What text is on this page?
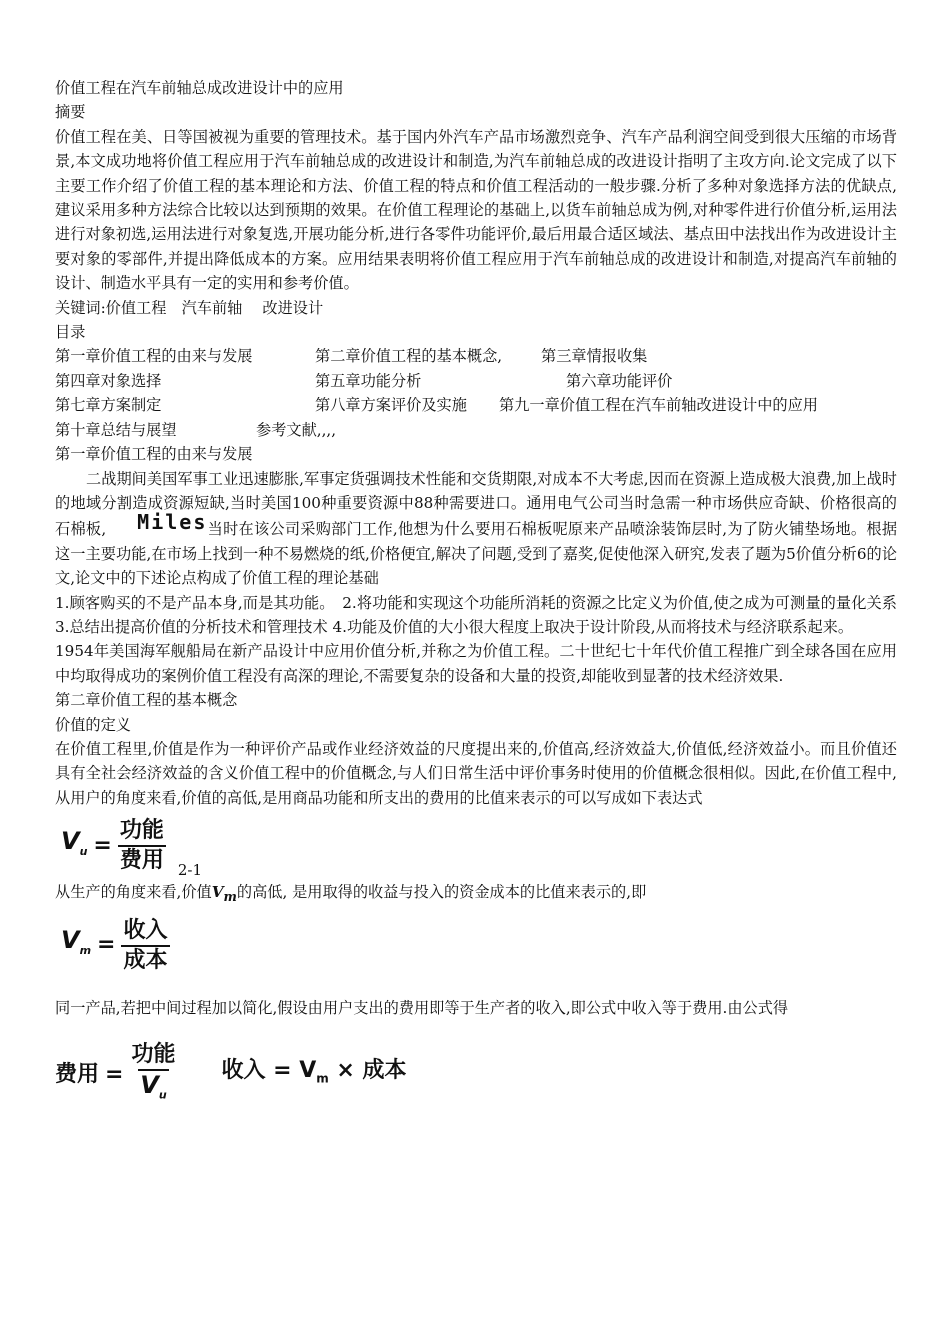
价值工程在汽车前轴总成改进设计中的应用

摘要

价值工程在美、日等国被视为重要的管理技术。基于国内外汽车产品市场激烈竞争、汽车产品利润空间受到很大压缩的市场背景,本文成功地将价值工程应用于汽车前轴总成的改进设计和制造,为汽车前轴总成的改进设计指明了主攻方向.论文完成了以下主要工作介绍了价值工程的基本理论和方法、价值工程的特点和价值工程活动的一般步骤.分析了多种对象选择方法的优缺点,建议采用多种方法综合比较以达到预期的效果。在价值工程理论的基础上,以货车前轴总成为例,对种零件进行价值分析,运用法进行对象初选,运用法进行对象复选,开展功能分析,进行各零件功能评价,最后用最合适区域法、基点田中法找出作为改进设计主要对象的零部件,并提出降低成本的方案。应用结果表明将价值工程应用于汽车前轴总成的改进设计和制造,对提高汽车前轴的设计、制造水平具有一定的实用和参考价值。

关键词:价值工程　汽车前轴　 改进设计

目录

第一章价值工程的由来与发展	第二章价值工程的基本概念,	第三章情报收集
第四章对象选择	第五章功能分析	第六章功能评价
第七章方案制定	第八章方案评价及实施	第九一章价值工程在汽车前轴改进设计中的应用
第十章总结与展望	参考文献,,,,

第一章价值工程的由来与发展

二战期间美国军事工业迅速膨胀,军事定货强调技术性能和交货期限,对成本不大考虑,因而在资源上造成极大浪费,加上战时的地域分割造成资源短缺,当时美国100种重要资源中88种需要进口。通用电气公司当时急需一种市场供应奇缺、价格很高的石棉板, Miles当时在该公司采购部门工作,他想为什么要用石棉板呢原来产品喷涂装饰层时,为了防火铺垫场地。根据这一主要功能,在市场上找到一种不易燃烧的纸,价格便宜,解决了问题,受到了嘉奖,促使他深入研究,发表了题为5价值分析6的论文,论文中的下述论点构成了价值工程的理论基础

1.顾客购买的不是产品本身,而是其功能。　2.将功能和实现这个功能所消耗的资源之比定义为价值,使之成为可测量的量化关系 3.总结出提高价值的分析技术和管理技术 4.功能及价值的大小很大程度上取决于设计阶段,从而将技术与经济联系起来。

1954年美国海军舰船局在新产品设计中应用价值分析,并称之为价值工程。二十世纪七十年代价值工程推广到全球各国在应用中均取得成功的案例价值工程没有高深的理论,不需要复杂的设备和大量的投资,却能收到显著的技术经济效果.

第二章价值工程的基本概念

价值的定义

在价值工程里,价值是作为一种评价产品或作业经济效益的尺度提出来的,价值高,经济效益大,价值低,经济效益小。而且价值还具有全社会经济效益的含义价值工程中的价值概念,与人们日常生活中评价事务时使用的价值概念很相似。因此,在价值工程中,从用户的角度来看,价值的高低,是用商品功能和所支出的费用的比值来表示的可以写成如下表达式

$V_u = \frac{\text{功能}}{\text{费用}} 2-1$

从生产的角度来看,价值$V_m$的高低, 是用取得的收益与投入的资金成本的比值来表示的,即

$V_m = \frac{\text{收入}}{\text{成本}}$

同一产品,若把中间过程加以简化,假设由用户支出的费用即等于生产者的收入,即公式中收入等于费用.由公式得

费用 = $\frac{\text{功能}}{V_u}$ 收入 = $V_m$ × 成本
